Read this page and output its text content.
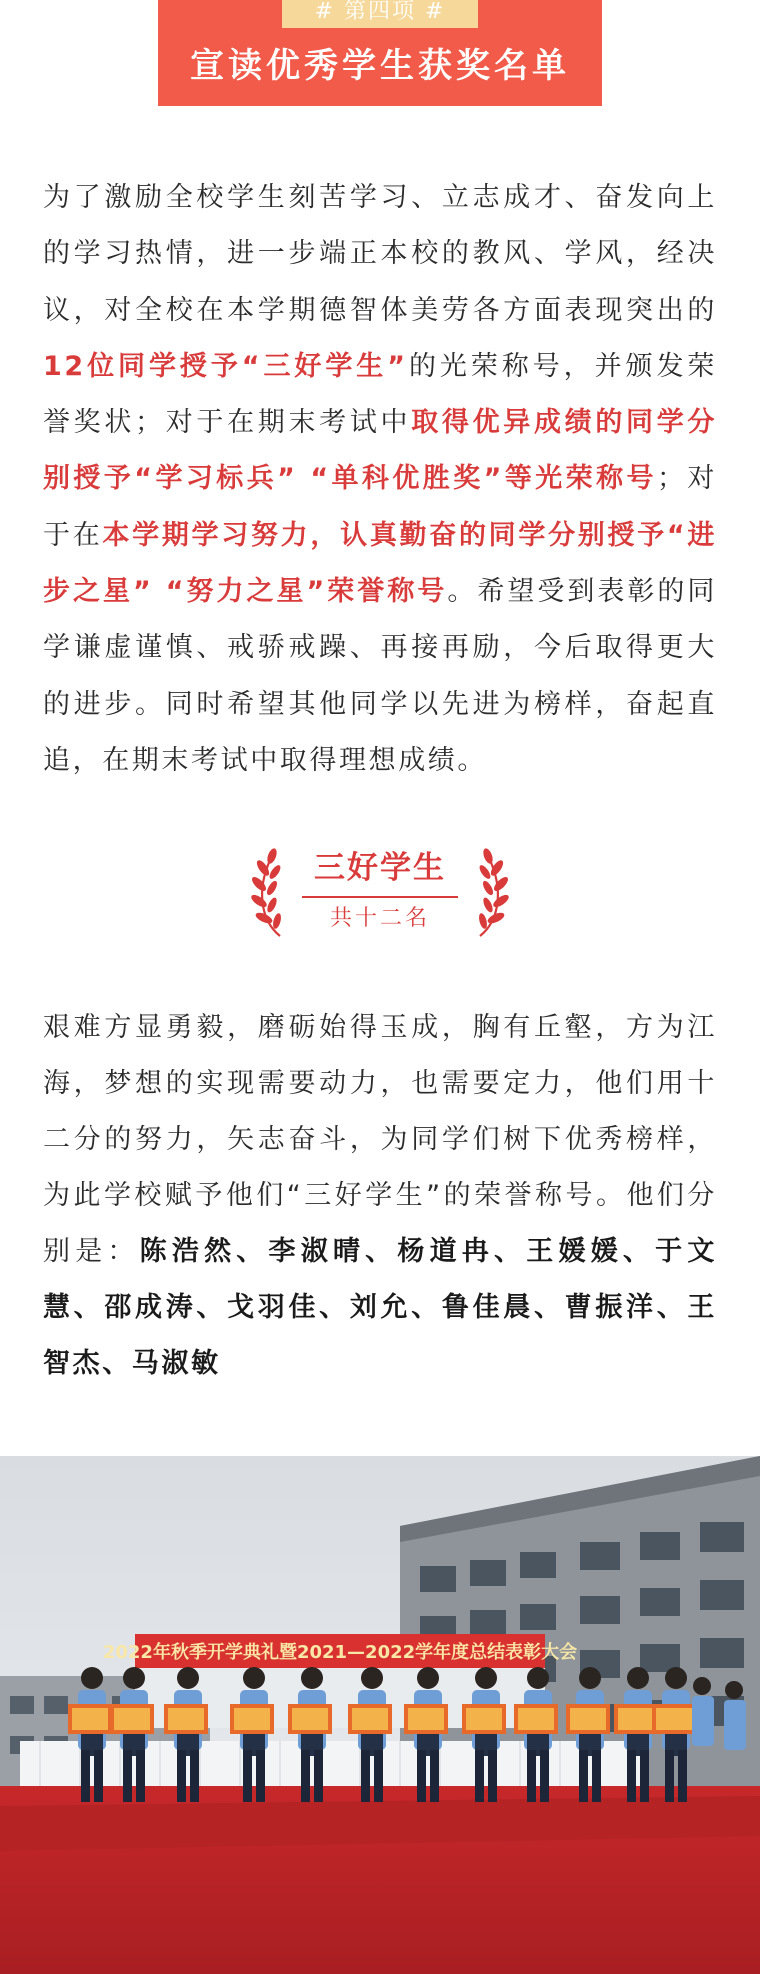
# 第四项 #
宣读优秀学生获奖名单

为了激励全校学生刻苦学习、立志成才、奋发向上的学习热情，进一步端正本校的教风、学风，经决议，对全校在本学期德智体美劳各方面表现突出的12位同学授予“三好学生”的光荣称号，并颁发荣誉奖状；对于在期末考试中取得优异成绩的同学分别授予“学习标兵” “单科优胜奖”等光荣称号；对于在本学期学习努力，认真勤奋的同学分别授予“进步之星” “努力之星”荣誉称号。希望受到表彰的同学谦虚谨慎、戒骄戒躁、再接再励，今后取得更大的进步。同时希望其他同学以先进为榜样，奋起直追，在期末考试中取得理想成绩。

三好学生
共十二名

艰难方显勇毅，磨砺始得玉成，胸有丘壑，方为江海，梦想的实现需要动力，也需要定力，他们用十二分的努力，矢志奋斗，为同学们树下优秀榜样，为此学校赋予他们“三好学生”的荣誉称号。他们分别是：陈浩然、李淑晴、杨道冉、王媛媛、于文慧、邵成涛、戈羽佳、刘允、鲁佳晨、曹振洋、王智杰、马淑敏

2022年秋季开学典礼暨2021—2022学年度总结表彰大会
